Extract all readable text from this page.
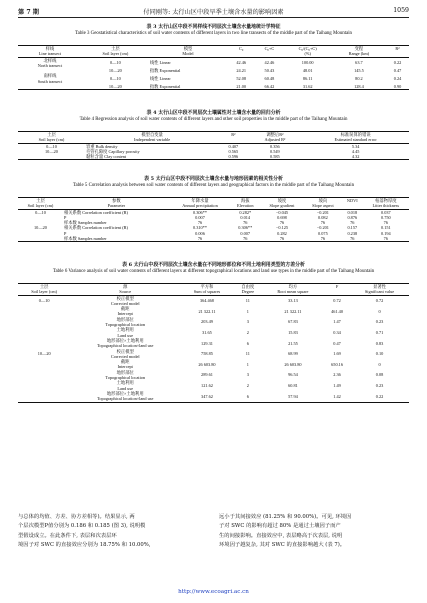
第 7 期	付同刚等: 太行山区中段旱季土壤含水量的影响因素	1059
表 3 太行山区中段不同样线不同层次土壤含水量地统计学特征
Table 3 Geostatistical characteristics of soil water contents of different layers in two line transects of the middle part of the Taihang Mountain
样线	土层	模型	C₀	C₀+C	C₀/(C₀+C)	变程	R²
Line transect	Soil layer (cm)	Model			(%)	Range (km)	
北样线
North transect	0—10	线性 Linear	42.46	42.46	100.00	63.7	0.22
	10—20	指数 Exponential	24.21	50.43	48.01	145.5	0.47
南样线
South transect	0—10	线性 Linear	52.08	60.48	86.11	80.2	0.24
	10—20	指数 Exponential	21.00	66.42	31.62	128.4	0.90
表 4 太行山区中段不同层次土壤属性对土壤含水量的回归分析
Table 4 Regression analysis of soil water contents of different layers and other soil properties in the middle part of the Taihang Mountain
土层	模型自变量	R²	调整后R²	标准误算的错误
Soil layer (cm)	Independent variable		Adjusted R²	Estimated standard error
0—10	容重 Bulk density	0.407	0.356	5.34
10—20	毛管孔隙度 Capillary porosity	0.565	0.549	4.45
	黏粒含量 Clay content	0.596	0.585	4.32
表 5 太行山区中段不同层次土壤含水量与地形因素的相关性分析
Table 5 Correlation analysis between soil water contents of different layers and geographical factors in the middle part of the Taihang Mountain
土层	参数	年降水量	海拔	坡度	坡向	NDVI	枯落物厚度
Soil layer (cm)	Parameter	Annual precipitation	Elevation	Slope gradient	Slope aspect		Litter thickness
0—10	相关系数 Correlation coefficient (R)	0.306**	0.282*	−0.045	−0.201	0.018	0.037
	P	0.007	0.014	0.698	0.082	0.876	0.750
	样本数 Samples number	76	76	76	76	76	76
10—20	相关系数 Correlation coefficient (R)	0.310**	0.306**	−0.125	−0.201	0.157	0.151
	P	0.006	0.007	0.282	0.075	0.238	0.194
	样本数 Samples number	76	76	76	76	76	76
表 6 太行山中段不同层次土壤含水量在不同地形部位和不同土地利用类型的方差分析
Table 6 Variance analysis of soil water contents of different layers at different topographical locations and land use types in the middle part of the Taihang Mountain
土层	源	平方和	自由度	均方	F	显著性
Soil layer (cm)	Source	Sum of squares	Degree	Root mean square		Significant value
0—10	校正模型
Corrected model	364.468	11	33.13	0.72	0.72
	截距
Intercept	21 322.11	1	21 322.11	461.40	0
	地形部位
Topographical location	203.49	3	67.83	1.47	0.23
	土地利用
Land use	31.65	2	15.83	0.34	0.71
	地形部位×土地利用
Topographical location×land use	129.31	6	21.55	0.47	0.83
10—20	校正模型
Corrected model	758.85	11	68.99	1.69	0.10
	截距
Intercept	26 603.80	1	26 603.80	650.16	0
	地形部位
Topographical location	289.61	3	96.54	2.36	0.08
	土地利用
Land use	121.62	2	60.81	1.49	0.23
	地形部位×土地利用
Topographical location×land use	347.62	6	57.94	1.42	0.22
与总体的均值、方差、协方差相等)。结果显示, 两
个层次模型P值分别为 0.186 和 0.185 (图 3), 说明模
型假设成立。在此条件下, 表层和次表层环
境因子对 SWC 的直接效应分别为 18.75% 和 10.00%,
远小于其间接效应 (81.25% 和 90.00%)。可见, 环境因
子对 SWC 的影响有超过 80% 是通过土壤因子而产
生的间接影响。直接效应中, 表层略高于次表层, 说明
环境因子越复杂, 其对 SWC 的直接影响越大 (表 7)。
http://www.ecoagri.ac.cn
